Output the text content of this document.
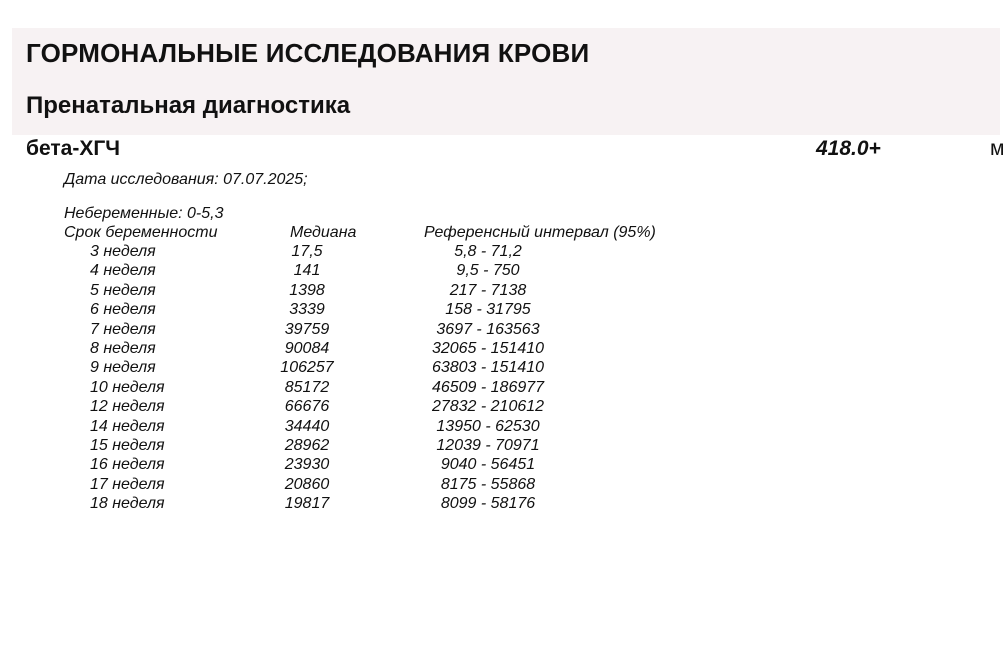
ГОРМОНАЛЬНЫЕ ИССЛЕДОВАНИЯ КРОВИ
Пренатальная диагностика
бета-ХГЧ	418.0+	м
Дата исследования: 07.07.2025;
Небеременные: 0-5,3
Срок беременности	Медиана	Референсный интервал (95%)
3 неделя	17,5	5,8 - 71,2
4 неделя	141	9,5 - 750
5 неделя	1398	217 - 7138
6 неделя	3339	158 - 31795
7 неделя	39759	3697 - 163563
8 неделя	90084	32065 - 151410
9 неделя	106257	63803 - 151410
10 неделя	85172	46509 - 186977
12 неделя	66676	27832 - 210612
14 неделя	34440	13950 - 62530
15 неделя	28962	12039 - 70971
16 неделя	23930	9040 - 56451
17 неделя	20860	8175 - 55868
18 неделя	19817	8099 - 58176
